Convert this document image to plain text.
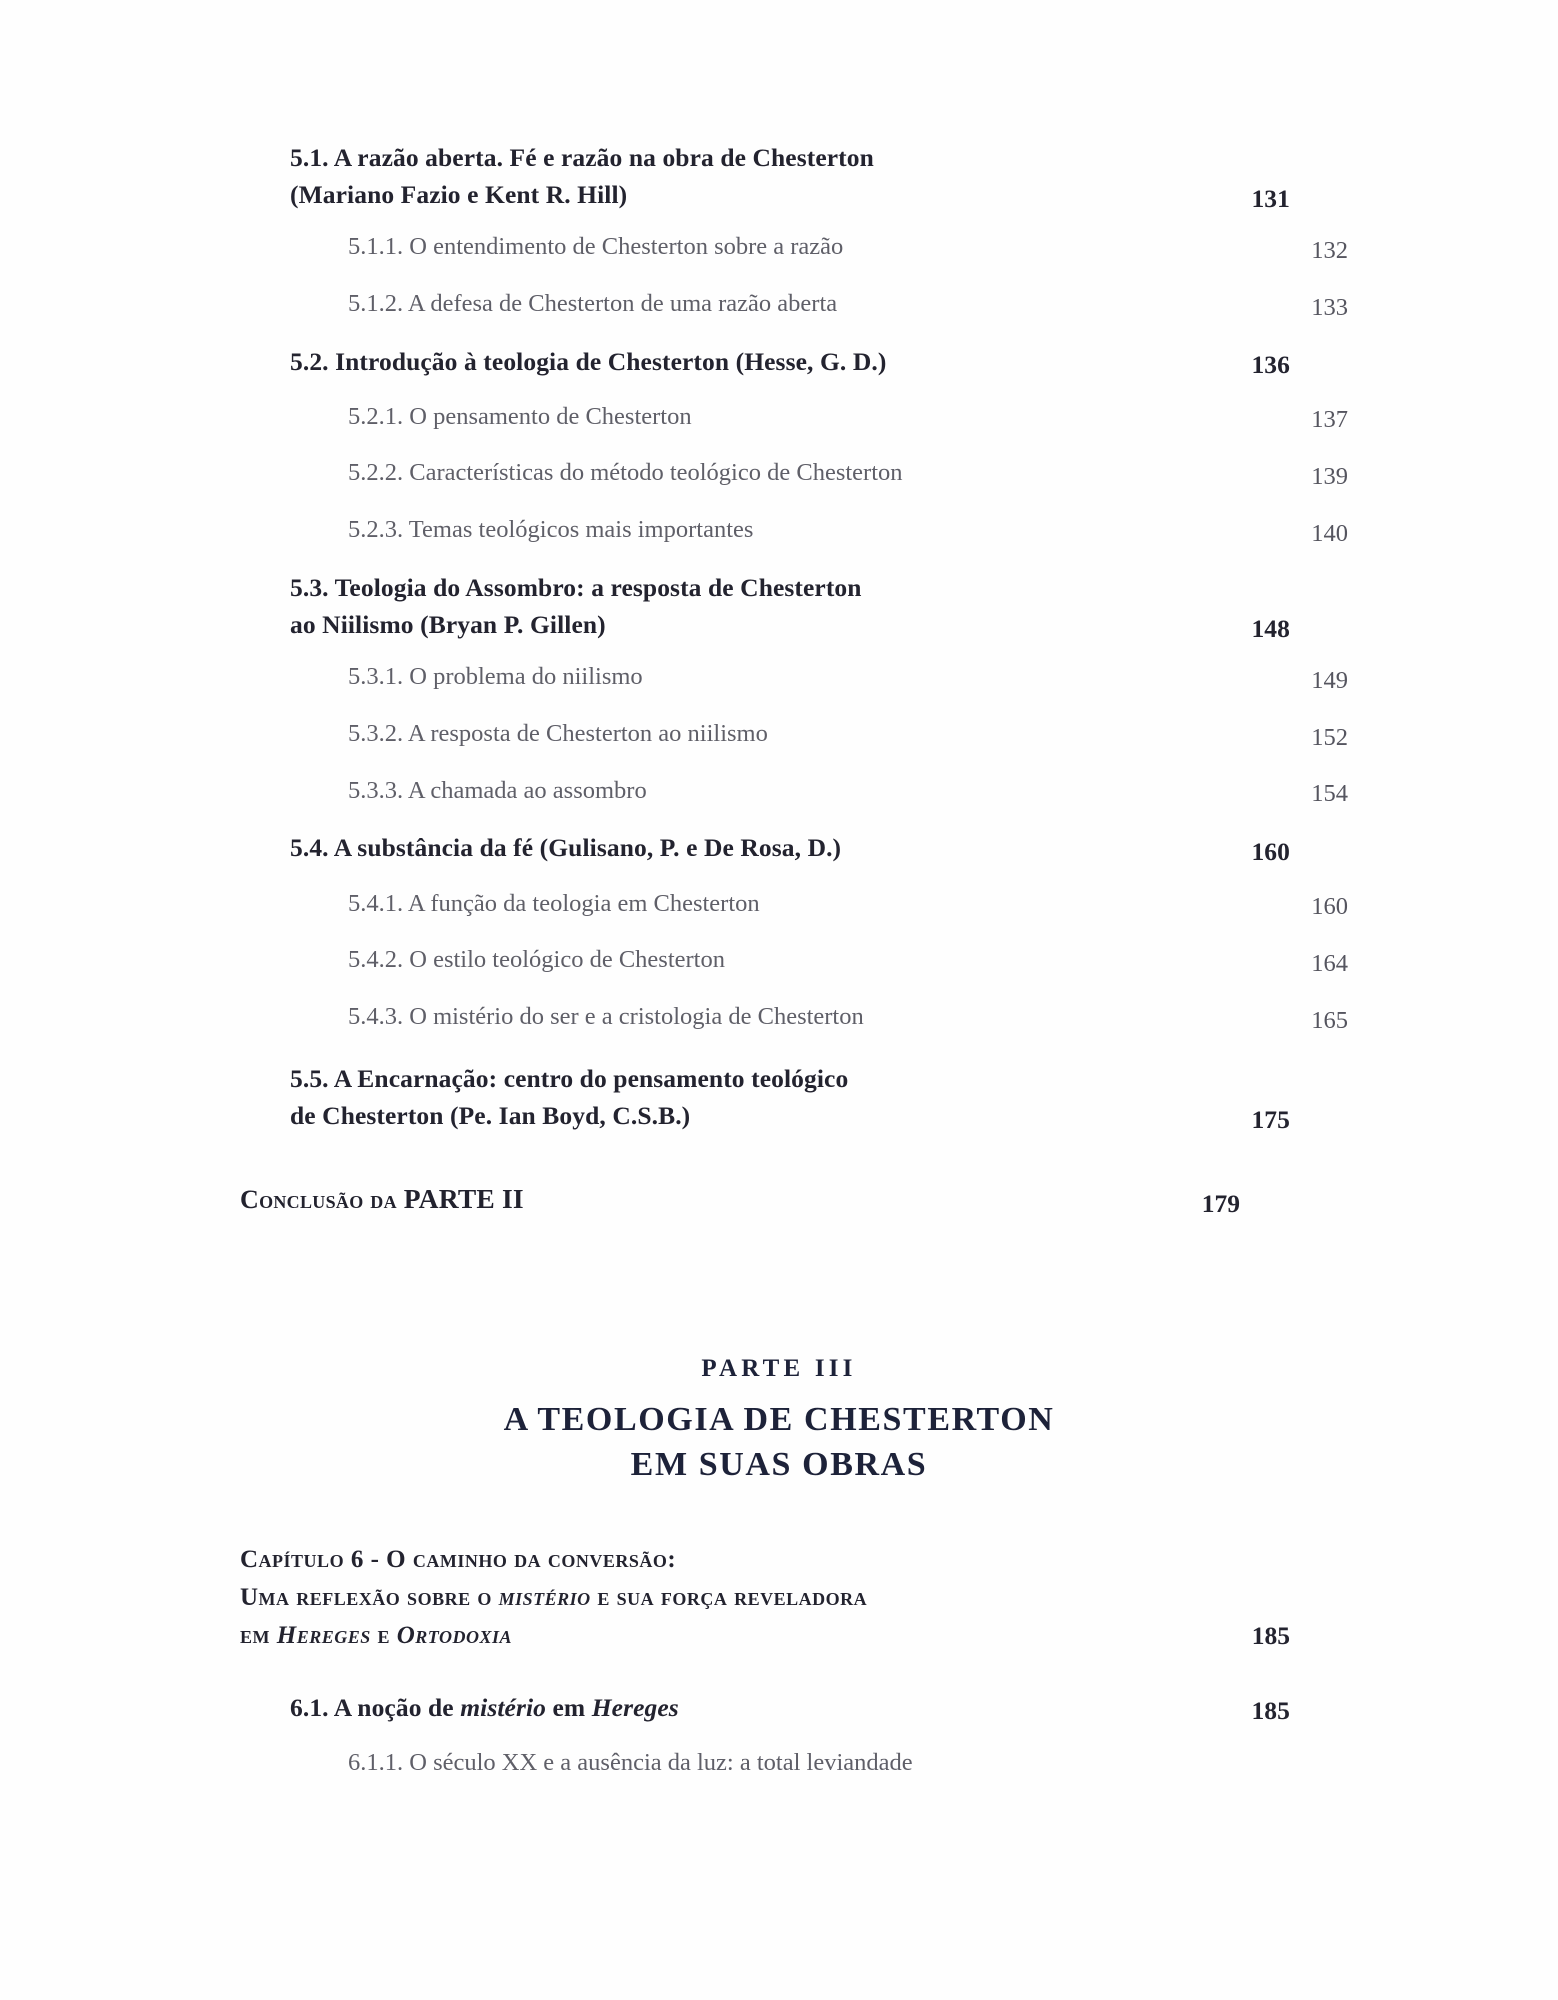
5.1. A razão aberta. Fé e razão na obra de Chesterton
(Mariano Fazio e Kent R. Hill)	131
5.1.1. O entendimento de Chesterton sobre a razão	132
5.1.2. A defesa de Chesterton de uma razão aberta	133
5.2. Introdução à teologia de Chesterton (Hesse, G. D.)	136
5.2.1. O pensamento de Chesterton	137
5.2.2. Características do método teológico de Chesterton	139
5.2.3. Temas teológicos mais importantes	140
5.3. Teologia do Assombro: a resposta de Chesterton
ao Niilismo (Bryan P. Gillen)	148
5.3.1. O problema do niilismo	149
5.3.2. A resposta de Chesterton ao niilismo	152
5.3.3. A chamada ao assombro	154
5.4. A substância da fé (Gulisano, P. e De Rosa, D.)	160
5.4.1. A função da teologia em Chesterton	160
5.4.2. O estilo teológico de Chesterton	164
5.4.3. O mistério do ser e a cristologia de Chesterton	165
5.5. A Encarnação: centro do pensamento teológico
de Chesterton (Pe. Ian Boyd, C.S.B.)	175
Conclusão da PARTE II	179
PARTE III
A TEOLOGIA DE CHESTERTON
EM SUAS OBRAS
Capítulo 6 - O caminho da conversão:
Uma reflexão sobre o mistério e sua força reveladora
em Hereges e Ortodoxia	185
6.1. A noção de mistério em Hereges	185
6.1.1. O século XX e a ausência da luz: a total leviandade
